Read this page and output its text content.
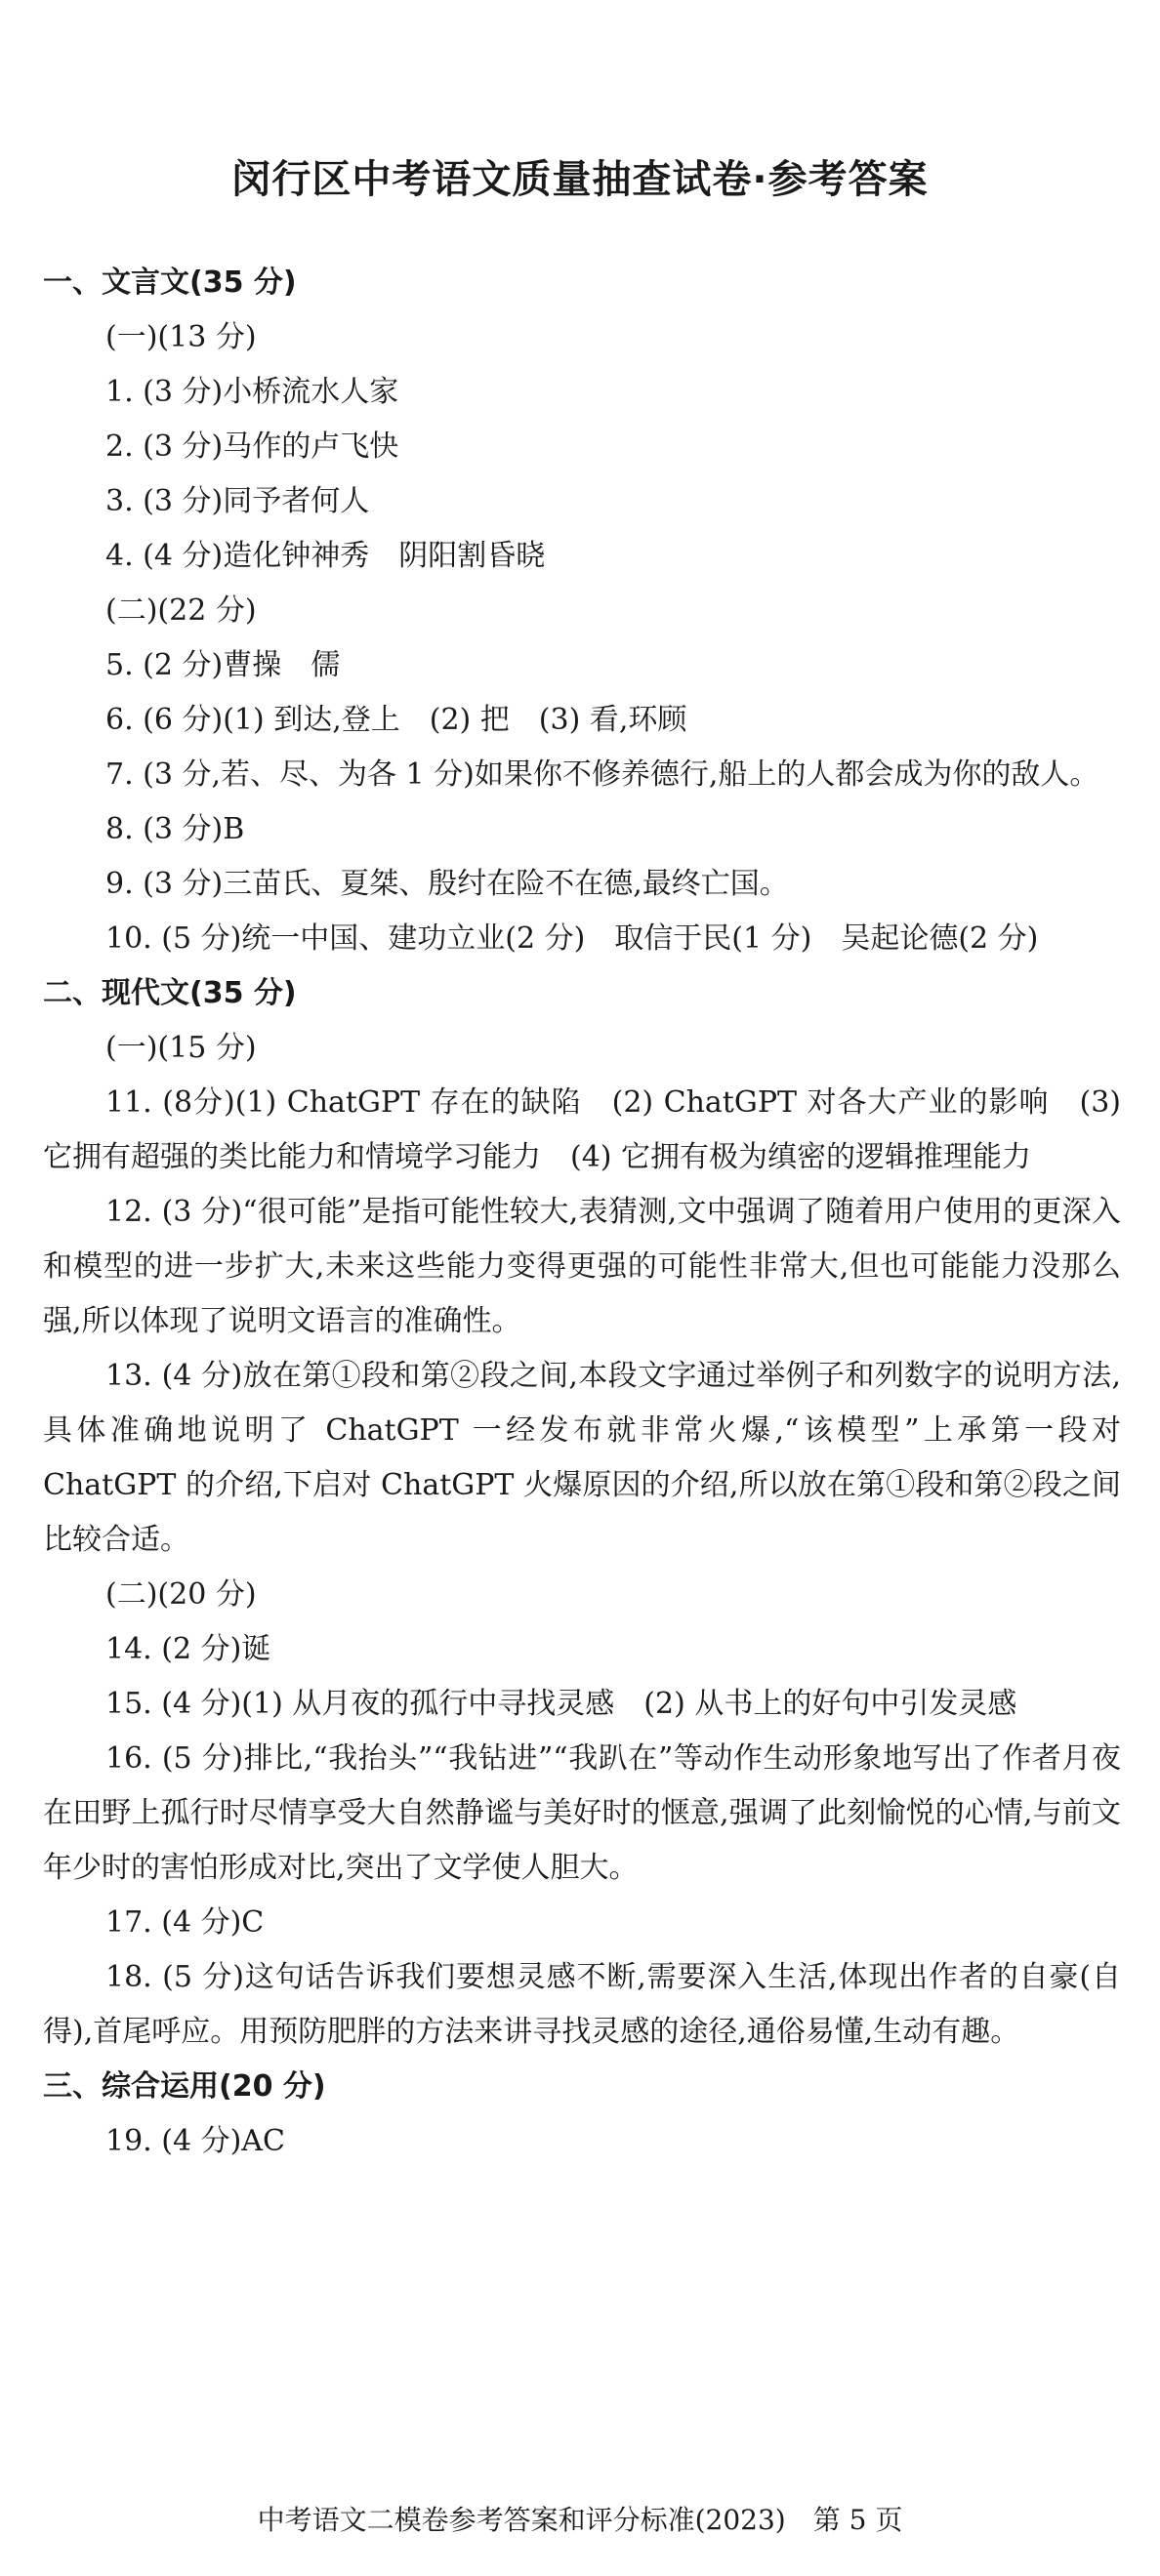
闵行区中考语文质量抽查试卷·参考答案
一、文言文(35 分)
(一)(13 分)
1. (3 分)小桥流水人家
2. (3 分)马作的卢飞快
3. (3 分)同予者何人
4. (4 分)造化钟神秀　阴阳割昏晓
(二)(22 分)
5. (2 分)曹操　儒
6. (6 分)(1) 到达,登上　(2) 把　(3) 看,环顾
7. (3 分,若、尽、为各 1 分)如果你不修养德行,船上的人都会成为你的敌人。
8. (3 分)B
9. (3 分)三苗氏、夏桀、殷纣在险不在德,最终亡国。
10. (5 分)统一中国、建功立业(2 分)　取信于民(1 分)　吴起论德(2 分)
二、现代文(35 分)
(一)(15 分)
11. (8分)(1) ChatGPT 存在的缺陷　(2) ChatGPT 对各大产业的影响　(3) 它拥有超强的类比能力和情境学习能力　(4) 它拥有极为缜密的逻辑推理能力
12. (3 分)“很可能”是指可能性较大,表猜测,文中强调了随着用户使用的更深入和模型的进一步扩大,未来这些能力变得更强的可能性非常大,但也可能能力没那么强,所以体现了说明文语言的准确性。
13. (4 分)放在第①段和第②段之间,本段文字通过举例子和列数字的说明方法,具体准确地说明了 ChatGPT 一经发布就非常火爆,“该模型”上承第一段对 ChatGPT 的介绍,下启对 ChatGPT 火爆原因的介绍,所以放在第①段和第②段之间比较合适。
(二)(20 分)
14. (2 分)诞
15. (4 分)(1) 从月夜的孤行中寻找灵感　(2) 从书上的好句中引发灵感
16. (5 分)排比,“我抬头”“我钻进”“我趴在”等动作生动形象地写出了作者月夜在田野上孤行时尽情享受大自然静谧与美好时的惬意,强调了此刻愉悦的心情,与前文年少时的害怕形成对比,突出了文学使人胆大。
17. (4 分)C
18. (5 分)这句话告诉我们要想灵感不断,需要深入生活,体现出作者的自豪(自得),首尾呼应。用预防肥胖的方法来讲寻找灵感的途径,通俗易懂,生动有趣。
三、综合运用(20 分)
19. (4 分)AC
中考语文二模卷参考答案和评分标准(2023)　第 5 页
